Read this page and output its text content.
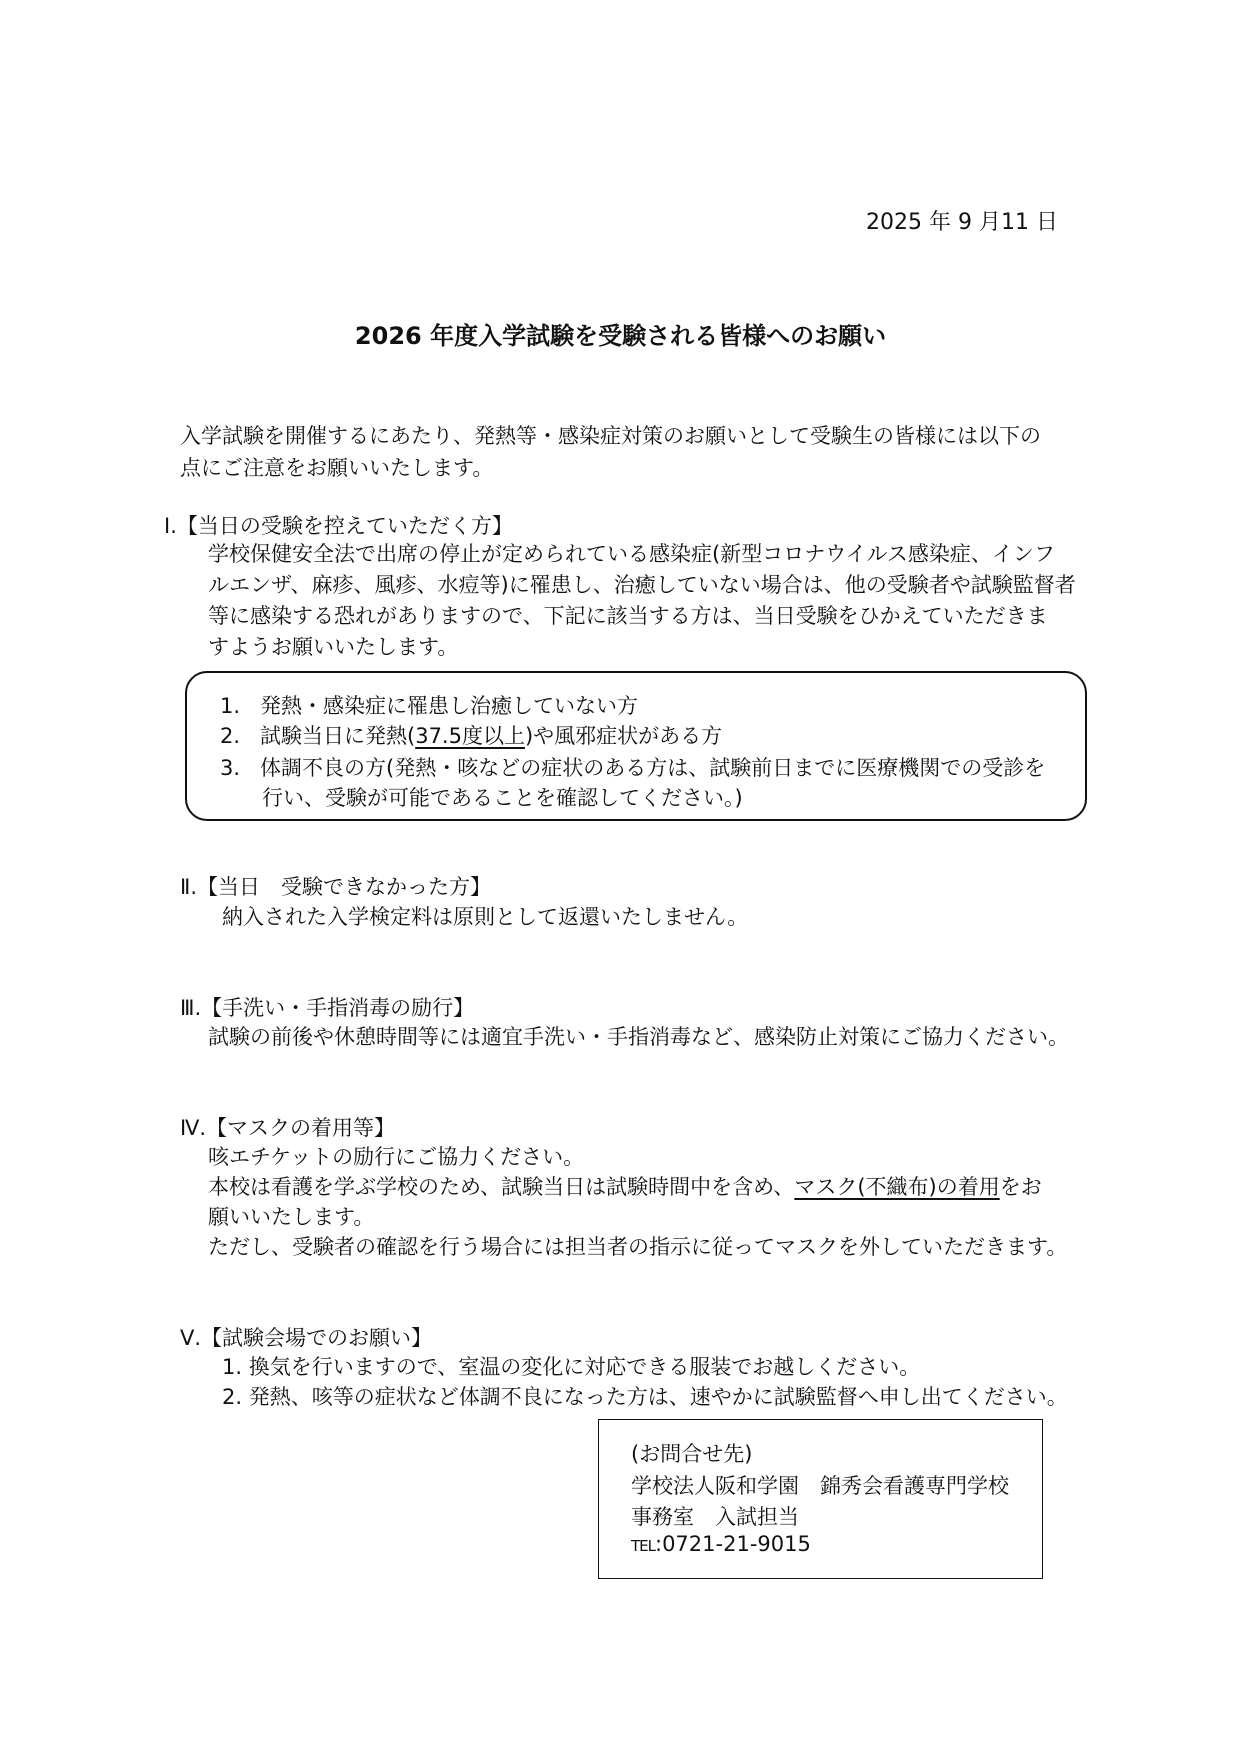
2025 年 9 月11 日
2026 年度入学試験を受験される皆様へのお願い
入学試験を開催するにあたり、発熱等・感染症対策のお願いとして受験生の皆様には以下の
点にご注意をお願いいたします。
Ⅰ.【当日の受験を控えていただく方】
学校保健安全法で出席の停止が定められている感染症(新型コロナウイルス感染症、インフ
ルエンザ、麻疹、風疹、水痘等)に罹患し、治癒していない場合は、他の受験者や試験監督者
等に感染する恐れがありますので、下記に該当する方は、当日受験をひかえていただきま
すようお願いいたします。
1. 発熱・感染症に罹患し治癒していない方
2. 試験当日に発熱(37.5度以上)や風邪症状がある方
3. 体調不良の方(発熱・咳などの症状のある方は、試験前日までに医療機関での受診を
行い、受験が可能であることを確認してください。)
Ⅱ.【当日　受験できなかった方】
納入された入学検定料は原則として返還いたしません。
Ⅲ.【手洗い・手指消毒の励行】
試験の前後や休憩時間等には適宜手洗い・手指消毒など、感染防止対策にご協力ください。
Ⅳ.【マスクの着用等】
咳エチケットの励行にご協力ください。
本校は看護を学ぶ学校のため、試験当日は試験時間中を含め、マスク(不織布)の着用をお
願いいたします。
ただし、受験者の確認を行う場合には担当者の指示に従ってマスクを外していただきます。
Ⅴ.【試験会場でのお願い】
1. 換気を行いますので、室温の変化に対応できる服装でお越しください。
2. 発熱、咳等の症状など体調不良になった方は、速やかに試験監督へ申し出てください。
(お問合せ先)
学校法人阪和学園　錦秀会看護専門学校
事務室　入試担当
TEL:0721-21-9015
